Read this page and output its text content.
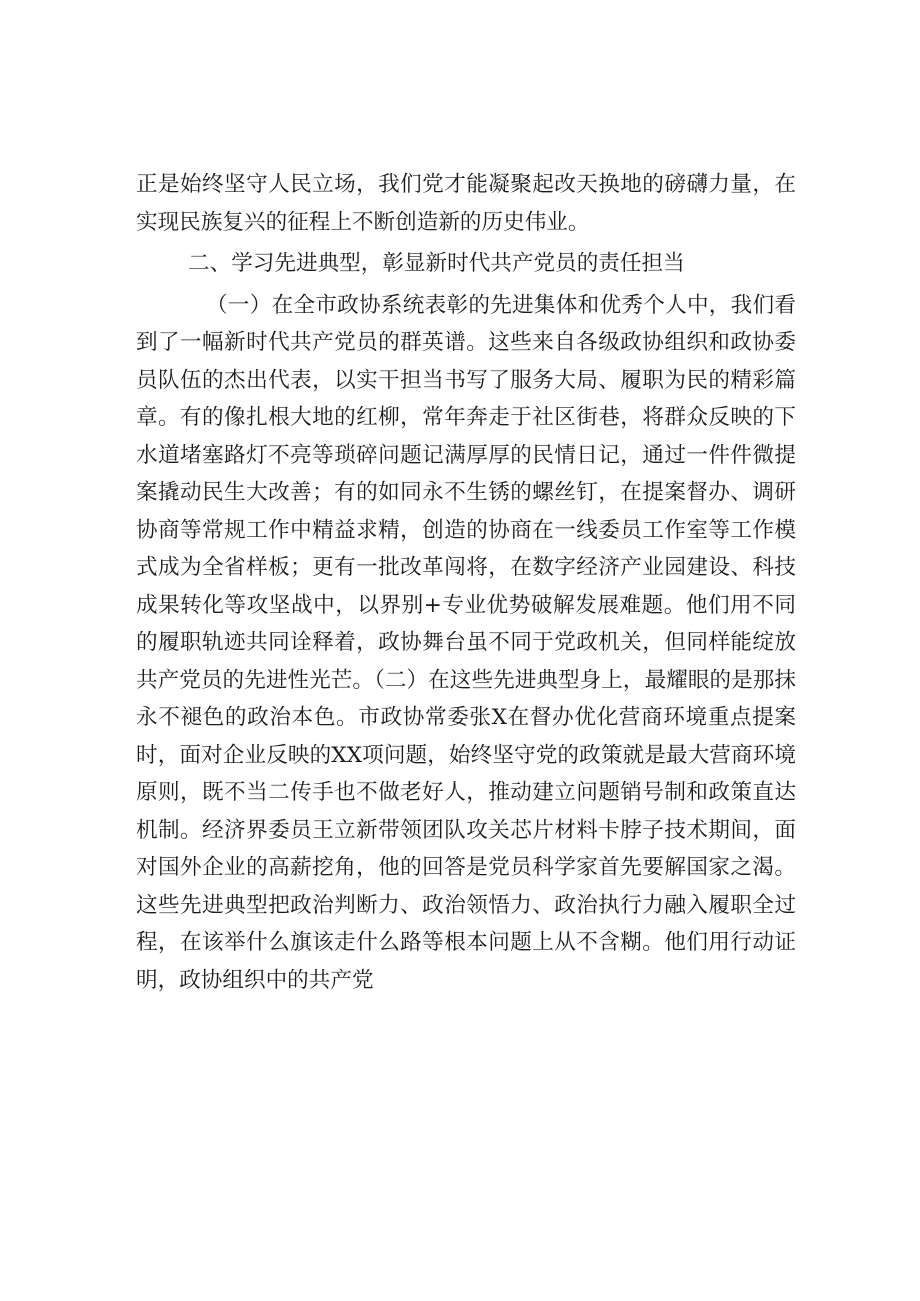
正是始终坚守人民立场，我们党才能凝聚起改天换地的磅礴力量，在实现民族复兴的征程上不断创造新的历史伟业。

二、学习先进典型，彰显新时代共产党员的责任担当

（一）在全市政协系统表彰的先进集体和优秀个人中，我们看到了一幅新时代共产党员的群英谱。这些来自各级政协组织和政协委员队伍的杰出代表，以实干担当书写了服务大局、履职为民的精彩篇章。有的像扎根大地的红柳，常年奔走于社区街巷，将群众反映的下水道堵塞路灯不亮等琐碎问题记满厚厚的民情日记，通过一件件微提案撬动民生大改善；有的如同永不生锈的螺丝钉，在提案督办、调研协商等常规工作中精益求精，创造的协商在一线委员工作室等工作模式成为全省样板；更有一批改革闯将，在数字经济产业园建设、科技成果转化等攻坚战中，以界别+专业优势破解发展难题。他们用不同的履职轨迹共同诠释着，政协舞台虽不同于党政机关，但同样能绽放共产党员的先进性光芒。（二）在这些先进典型身上，最耀眼的是那抹永不褪色的政治本色。市政协常委张X在督办优化营商环境重点提案时，面对企业反映的XX项问题，始终坚守党的政策就是最大营商环境原则，既不当二传手也不做老好人，推动建立问题销号制和政策直达机制。经济界委员王立新带领团队攻关芯片材料卡脖子技术期间，面对国外企业的高薪挖角，他的回答是党员科学家首先要解国家之渴。这些先进典型把政治判断力、政治领悟力、政治执行力融入履职全过程，在该举什么旗该走什么路等根本问题上从不含糊。他们用行动证明，政协组织中的共产党
